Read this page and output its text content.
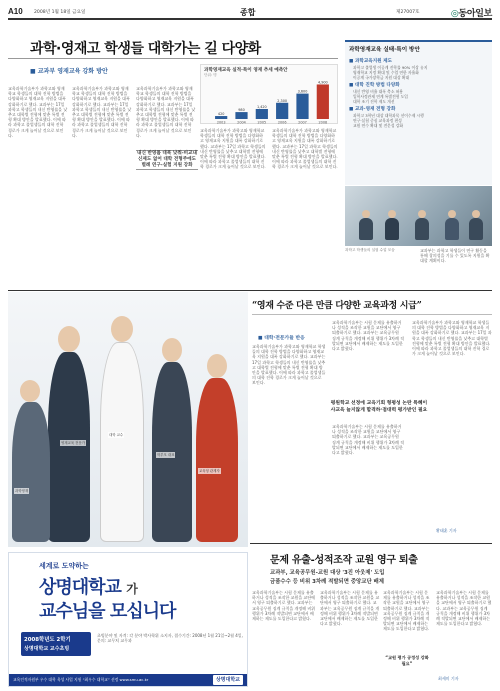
A10 2008년 1월 18일 금요일	종합	제27007호	◎동아일보
과학·영재고 학생들 대학가는 길 다양화
■ 교과부 영재교육 강화 방안
교육과학기술부가 과학고와 영재학교 학생들의 대학 진학 방법을 다양화하고 영재교육 지원을 대폭 강화하기로 했다. 교과부는 17일 과학고 학생들의 내신 반영률을 낮추고 대학별 전형에 맞춘 특별 전형 확대 방안을 발표했다. 이에 따라 과학고 졸업생들의 대학 진학 경로가 크게 늘어날 것으로 보인다.
교육과학기술부가 과학고와 영재학교 학생들의 대학 진학 방법을 다양화하고 영재교육 지원을 대폭 강화하기로 했다. 교과부는 17일 과학고 학생들의 내신 반영률을 낮추고 대학별 전형에 맞춘 특별 전형 확대 방안을 발표했다. 이에 따라 과학고 졸업생들의 대학 진학 경로가 크게 늘어날 것으로 보인다.
교육과학기술부가 과학고와 영재학교 학생들의 대학 진학 방법을 다양화하고 영재교육 지원을 대폭 강화하기로 했다. 교과부는 17일 과학고 학생들의 내신 반영률을 낮추고 대학별 전형에 맞춘 특별 전형 확대 방안을 발표했다. 이에 따라 과학고 졸업생들의 대학 진학 경로가 크게 늘어날 것으로 보인다.
교육과학기술부가 과학고와 영재학교 학생들의 대학 진학 방법을 다양화하고 영재교육 지원을 대폭 강화하기로 했다. 교과부는 17일 과학고 학생들의 내신 반영률을 낮추고 대학별 전형에 맞춘 특별 전형 확대 방안을 발표했다. 이에 따라 과학고 졸업생들의 대학 진학 경로가 크게 늘어날 것으로 보인다.
교육과학기술부가 과학고와 영재학교 학생들의 대학 진학 방법을 다양화하고 영재교육 지원을 대폭 강화하기로 했다. 교과부는 17일 과학고 학생들의 내신 반영률을 낮추고 대학별 전형에 맞춘 특별 전형 확대 방안을 발표했다. 이에 따라 과학고 졸업생들의 대학 진학 경로가 크게 늘어날 것으로 보인다.
과학영재교육 실적·특이 영재 추세 예측안
단위: 명
420
2003
980
2004
1,420
2005
2,300
2006
3,600
2007
4,900
2008
내신 반영률 대폭 낮춰-비교내신제도 없어 대학 전형주에도 별례 연구-실험 지원 강화
과학영재교육 실태·특이 방안
■ 과학교육지원 제도
과학고 졸업생 이공계 진학률 90% 이상 유지
영재학교 지정 확대 및 수업 연한 자율화
이공계 국가장학금 지원 대상 확대
■ 대학 진학 방법 다양화
내신 반영 비율 대폭 축소 허용
입학사정관제 연계 특별전형 도입
대학 조기 진학 제도 개선
■ 교과·영재 전형 강화
과학고 3학년 대상 대학과목 선이수제 시행
연구·실험 중심 교육과정 편성
교원 연수 확대 및 전문성 강화
과학고 학생들의 실험 수업 모습	교과부는 과학고 학생들이 연구 활동을 통해 창의성을 기를 수 있도록 지원을 확대할 계획이다.
과학영재
영재교육 전문가
대학 교수
학부모 대표
교육청 관계자
“영재 수준 다른 만큼 다양한 교육과정 시급”
■ 대학·전문가들 반응
교육과학기술부가 과학고와 영재학교 학생들의 대학 진학 방법을 다양화하고 영재교육 지원을 대폭 강화하기로 했다. 교과부는 17일 과학고 학생들의 내신 반영률을 낮추고 대학별 전형에 맞춘 특별 전형 확대 방안을 발표했다. 이에 따라 과학고 졸업생들의 대학 진학 경로가 크게 늘어날 것으로 보인다.
교육과학기술부는 시험 문제를 유출하거나 성적을 조작한 교원을 교단에서 영구 퇴출하기로 했다. 교과부는 교육공무원 징계 규칙을 개정해 비위 행위가 3차례 적발되면 교단에서 배제하는 제도를 도입한다고 밝혔다.
교육과학기술부가 과학고와 영재학교 학생들의 대학 진학 방법을 다양화하고 영재교육 지원을 대폭 강화하기로 했다. 교과부는 17일 과학고 학생들의 내신 반영률을 낮추고 대학별 전형에 맞춘 특별 전형 확대 방안을 발표했다. 이에 따라 과학고 졸업생들의 대학 진학 경로가 크게 늘어날 것으로 보인다.
평원학교 선정에 교육기회 형평성 논란 특혜이 사교육 늘지않게 합격하·점대력 평가받인 필요
교육과학기술부는 시험 문제를 유출하거나 성적을 조작한 교원을 교단에서 영구 퇴출하기로 했다. 교과부는 교육공무원 징계 규칙을 개정해 비위 행위가 3차례 적발되면 교단에서 배제하는 제도를 도입한다고 밝혔다.
황태훈 기자
문제 유출-성적조작 교원 영구 퇴출
교과부, 교육공무원-교원 대상 '3진 아웃제' 도입
금품수수 등 비위 3차례 적발되면 중앙교단 배제
교육과학기술부는 시험 문제를 유출하거나 성적을 조작한 교원을 교단에서 영구 퇴출하기로 했다. 교과부는 교육공무원 징계 규칙을 개정해 비위 행위가 3차례 적발되면 교단에서 배제하는 제도를 도입한다고 밝혔다.
교육과학기술부는 시험 문제를 유출하거나 성적을 조작한 교원을 교단에서 영구 퇴출하기로 했다. 교과부는 교육공무원 징계 규칙을 개정해 비위 행위가 3차례 적발되면 교단에서 배제하는 제도를 도입한다고 밝혔다.
교육과학기술부는 시험 문제를 유출하거나 성적을 조작한 교원을 교단에서 영구 퇴출하기로 했다. 교과부는 교육공무원 징계 규칙을 개정해 비위 행위가 3차례 적발되면 교단에서 배제하는 제도를 도입한다고 밝혔다.
교육과학기술부는 시험 문제를 유출하거나 성적을 조작한 교원을 교단에서 영구 퇴출하기로 했다. 교과부는 교육공무원 징계 규칙을 개정해 비위 행위가 3차례 적발되면 교단에서 배제하는 제도를 도입한다고 밝혔다.
“교원 평가 공정성 강화 필요”
최세미 기자
세계로 도약하는
상명대학교 가
교수님을 모십니다
2008학년도 2학기
상명대학교 교수초빙
초빙분야 및 자격: 각 분야 박사학위 소지자, 접수기간: 2008년 1월 21일~2월 4일, 문의: 교무처 교무과
교육인적자원부 우수 대학 육성 사업 지원 “최우수 대학교” 선정 www.smu.ac.kr	상명대학교
